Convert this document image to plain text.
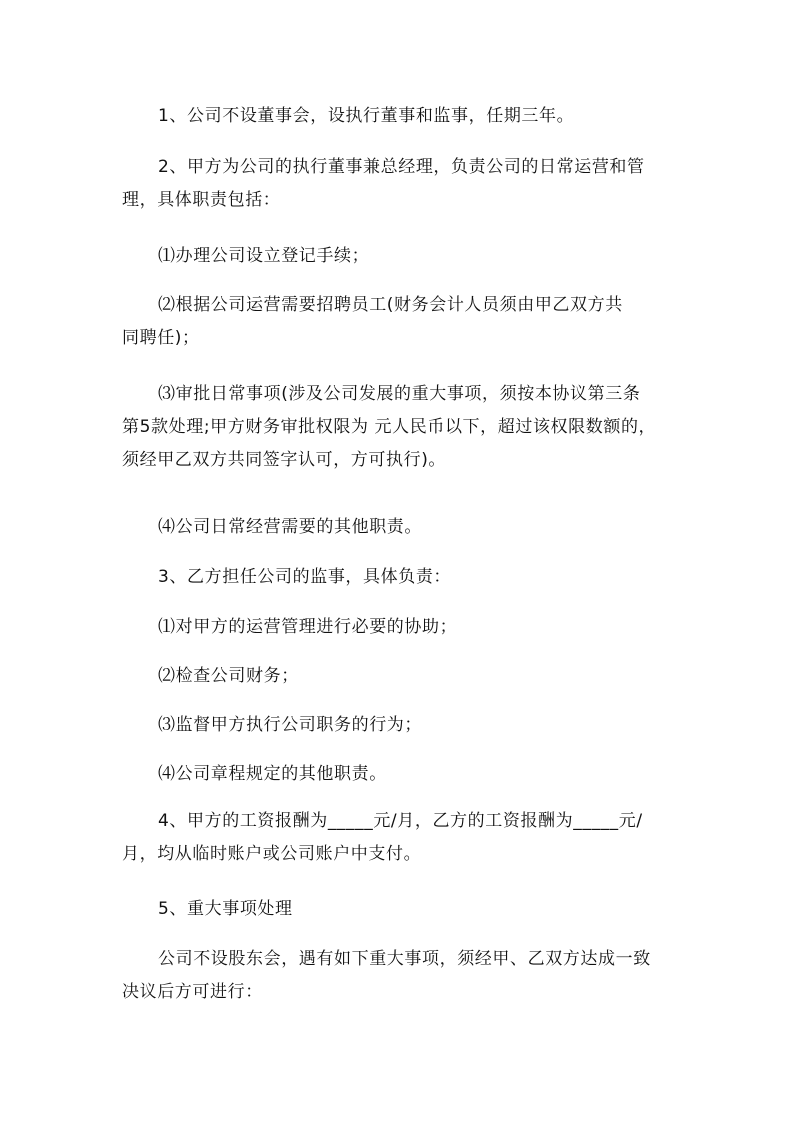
1、公司不设董事会，设执行董事和监事，任期三年。

2、甲方为公司的执行董事兼总经理，负责公司的日常运营和管
理，具体职责包括：

⑴办理公司设立登记手续；

⑵根据公司运营需要招聘员工(财务会计人员须由甲乙双方共
同聘任)；

⑶审批日常事项(涉及公司发展的重大事项，须按本协议第三条
第5款处理;甲方财务审批权限为 元人民币以下，超过该权限数额的，
须经甲乙双方共同签字认可，方可执行)。

⑷公司日常经营需要的其他职责。

3、乙方担任公司的监事，具体负责：

⑴对甲方的运营管理进行必要的协助；

⑵检查公司财务；

⑶监督甲方执行公司职务的行为；

⑷公司章程规定的其他职责。

4、甲方的工资报酬为_____元/月，乙方的工资报酬为_____元/
月，均从临时账户或公司账户中支付。

5、重大事项处理

公司不设股东会，遇有如下重大事项，须经甲、乙双方达成一致
决议后方可进行：
